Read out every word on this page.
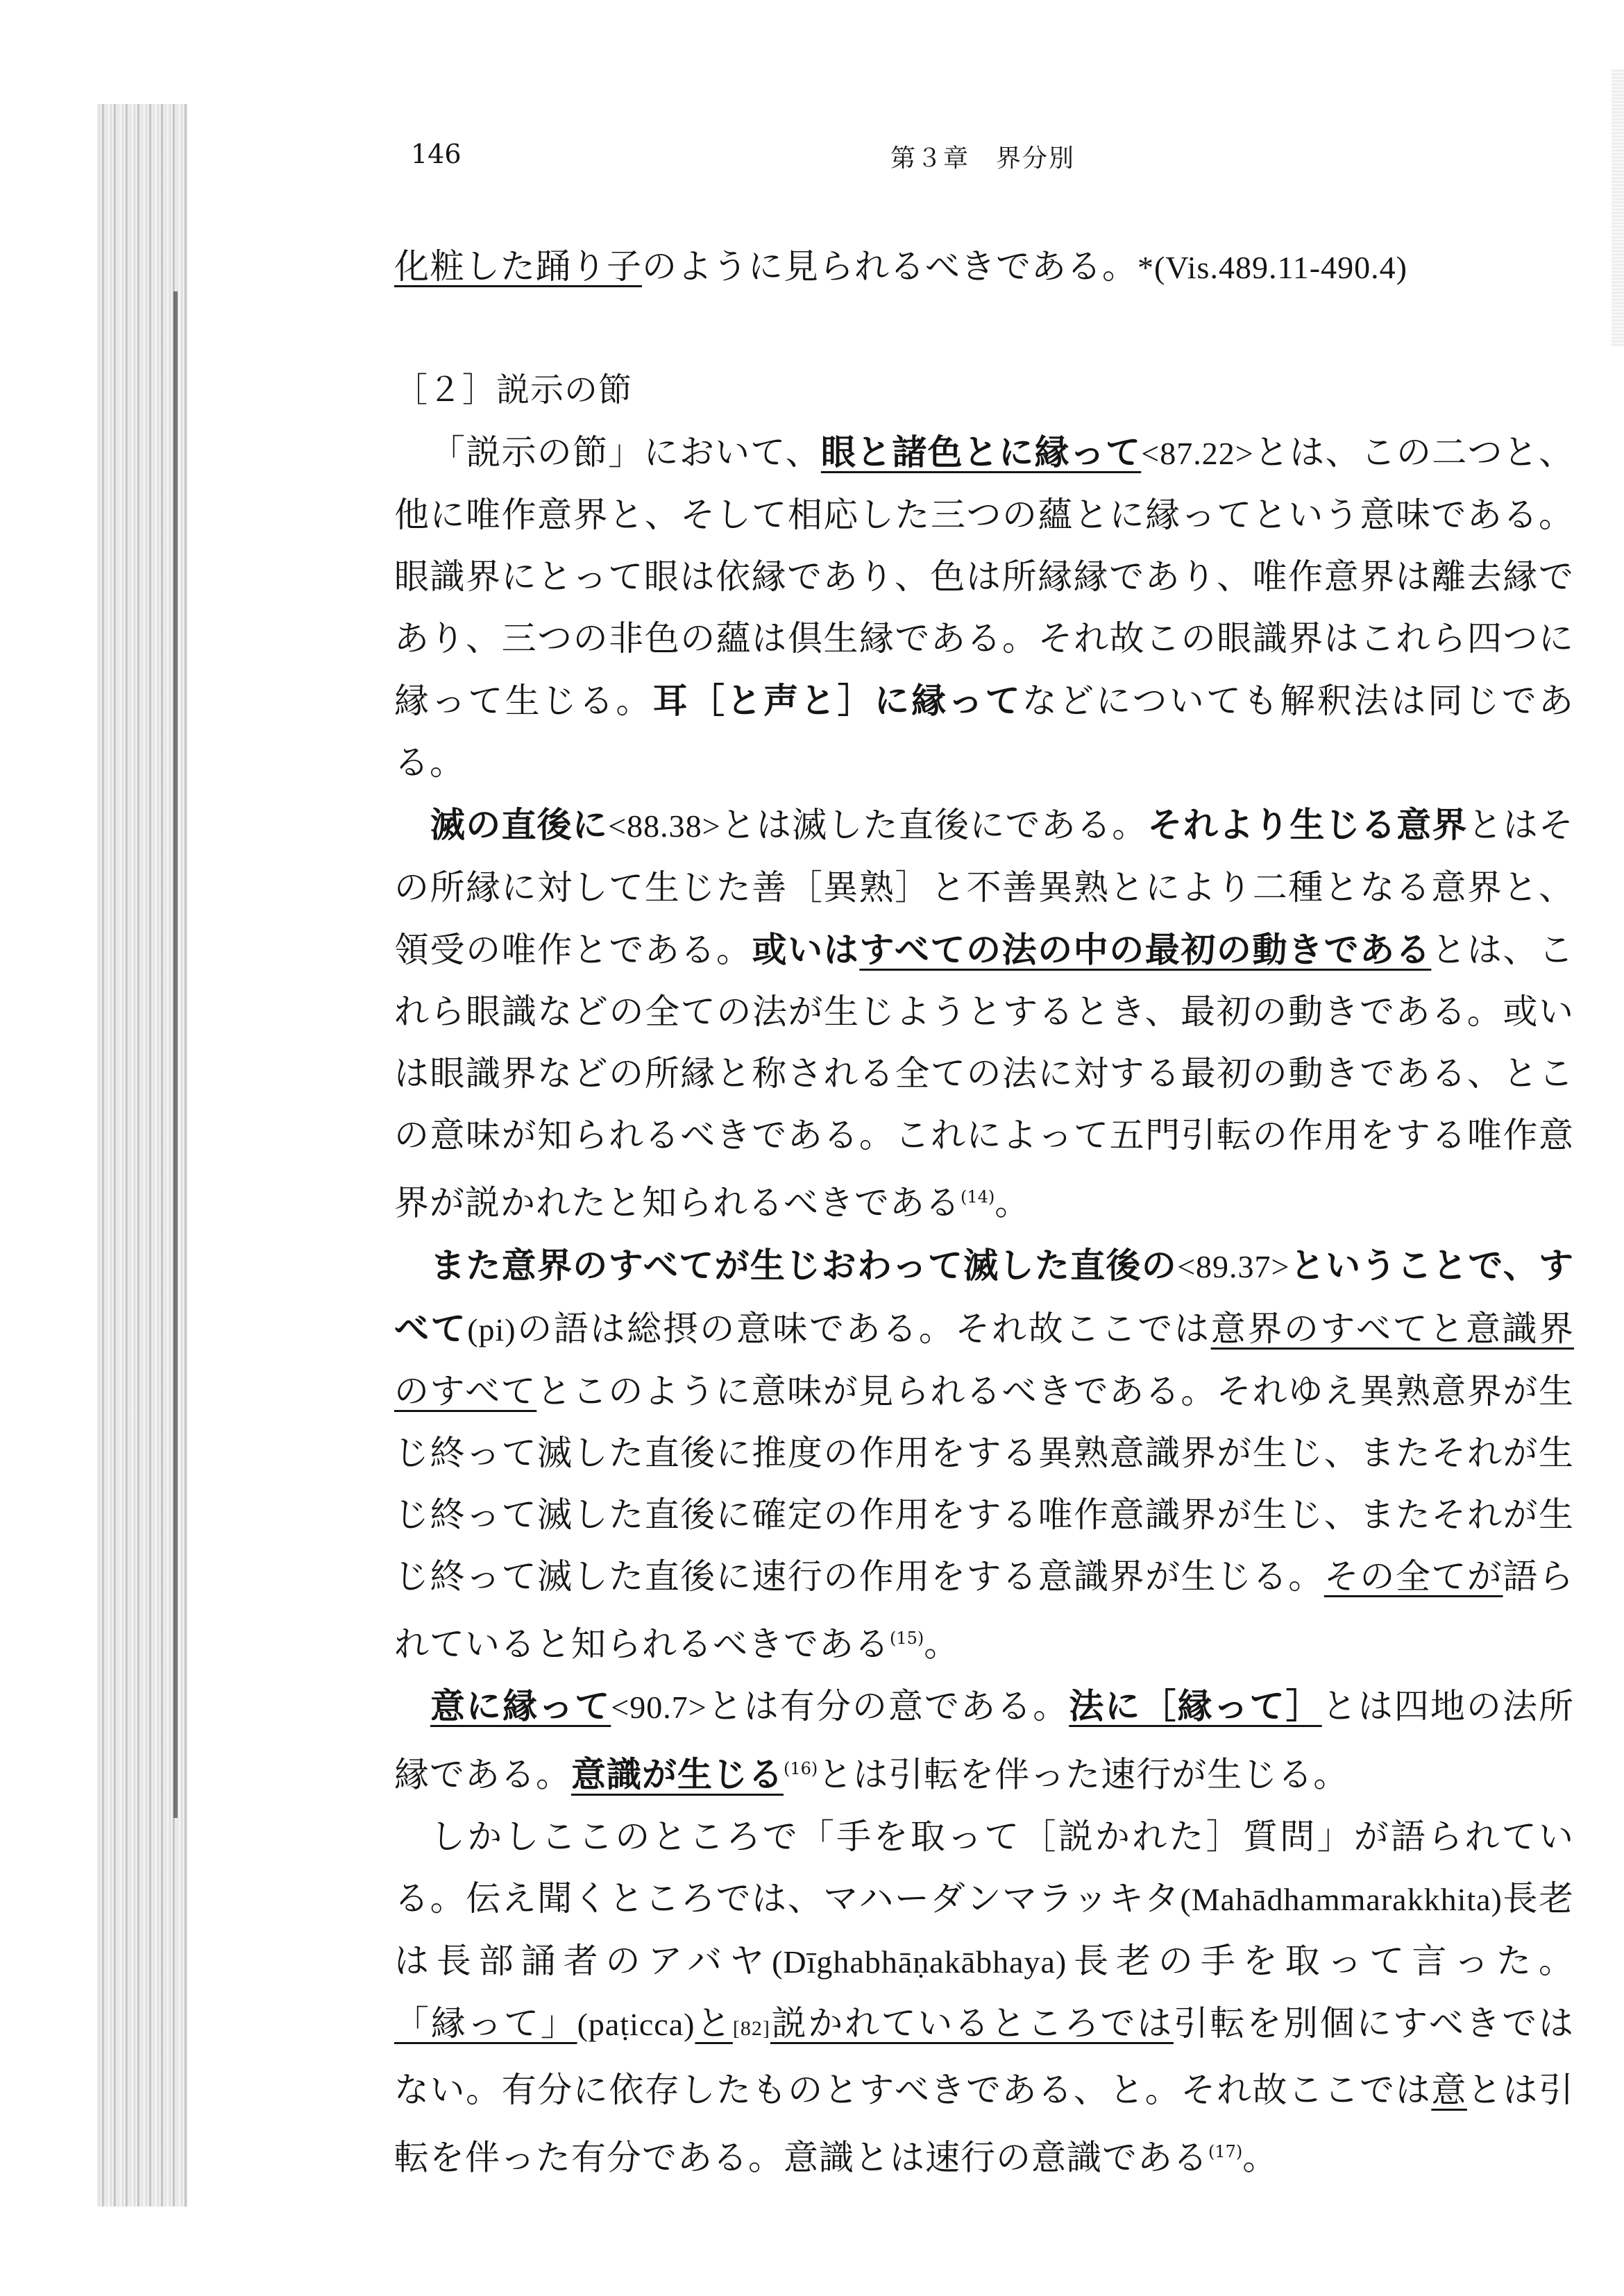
146	第３章　界分別

化粧した踊り子のように見られるべきである。*(Vis.489.11-490.4)

［２］説示の節

「説示の節」において、眼と諸色とに縁って<87.22>とは、この二つと、他に唯作意界と、そして相応した三つの蘊とに縁ってという意味である。眼識界にとって眼は依縁であり、色は所縁縁であり、唯作意界は離去縁であり、三つの非色の蘊は倶生縁である。それ故この眼識界はこれら四つに縁って生じる。耳［と声と］に縁ってなどについても解釈法は同じである。

滅の直後に<88.38>とは滅した直後にである。それより生じる意界とはその所縁に対して生じた善［異熟］と不善異熟とにより二種となる意界と、領受の唯作とである。或いはすべての法の中の最初の動きであるとは、これら眼識などの全ての法が生じようとするとき、最初の動きである。或いは眼識界などの所縁と称される全ての法に対する最初の動きである、とこの意味が知られるべきである。これによって五門引転の作用をする唯作意界が説かれたと知られるべきである$^{(14)}$。

また意界のすべてが生じおわって滅した直後の<89.37>ということで、すべて(pi)の語は総摂の意味である。それ故ここでは意界のすべてと意識界のすべてとこのように意味が見られるべきである。それゆえ異熟意界が生じ終って滅した直後に推度の作用をする異熟意識界が生じ、またそれが生じ終って滅した直後に確定の作用をする唯作意識界が生じ、またそれが生じ終って滅した直後に速行の作用をする意識界が生じる。その全てが語られていると知られるべきである$^{(15)}$。

意に縁って<90.7>とは有分の意である。法に［縁って］とは四地の法所縁である。意識が生じる$^{(16)}$とは引転を伴った速行が生じる。

しかしここのところで「手を取って［説かれた］質問」が語られている。伝え聞くところでは、マハーダンマラッキタ(Mahādhammarakkhita)長老は長部誦者のアバヤ(Dīghabhāṇakābhaya)長老の手を取って言った。「縁って」(paṭicca)と[82]説かれているところでは引転を別個にすべきではない。有分に依存したものとすべきである、と。それ故ここでは意とは引転を伴った有分である。意識とは速行の意識である$^{(17)}$。
